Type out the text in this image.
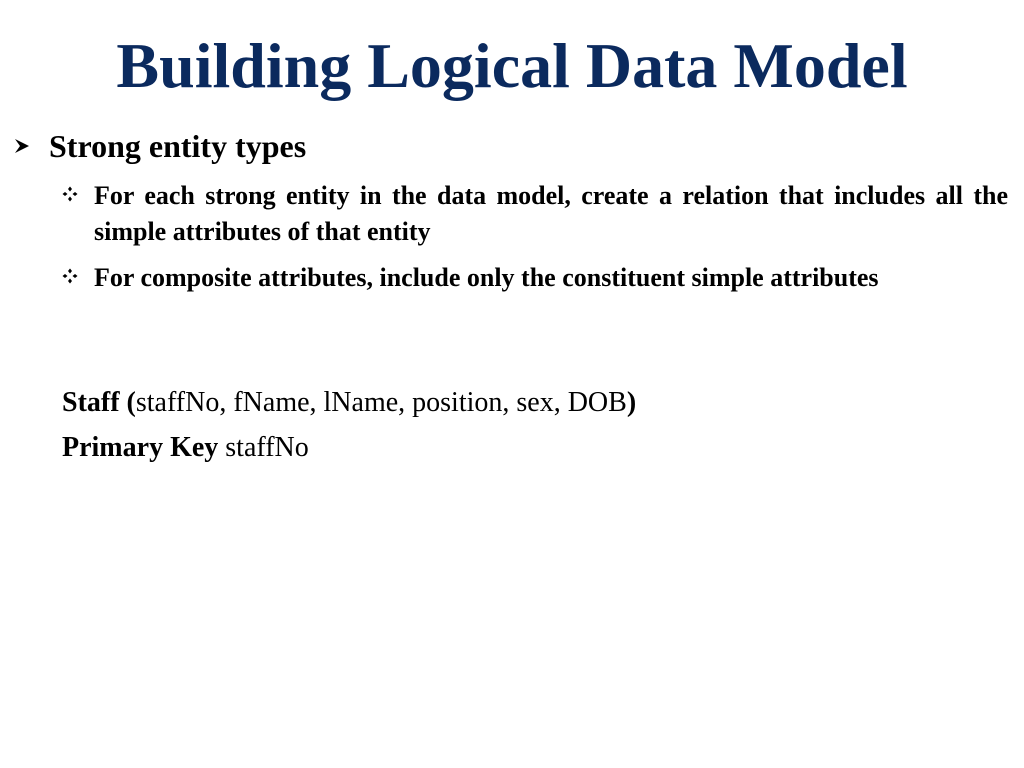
Building Logical Data Model
Strong entity types
For each strong entity in the data model, create a relation that includes all the simple attributes of that entity
For composite attributes, include only the constituent simple attributes
Staff (staffNo, fName, lName, position, sex, DOB)
Primary Key staffNo
